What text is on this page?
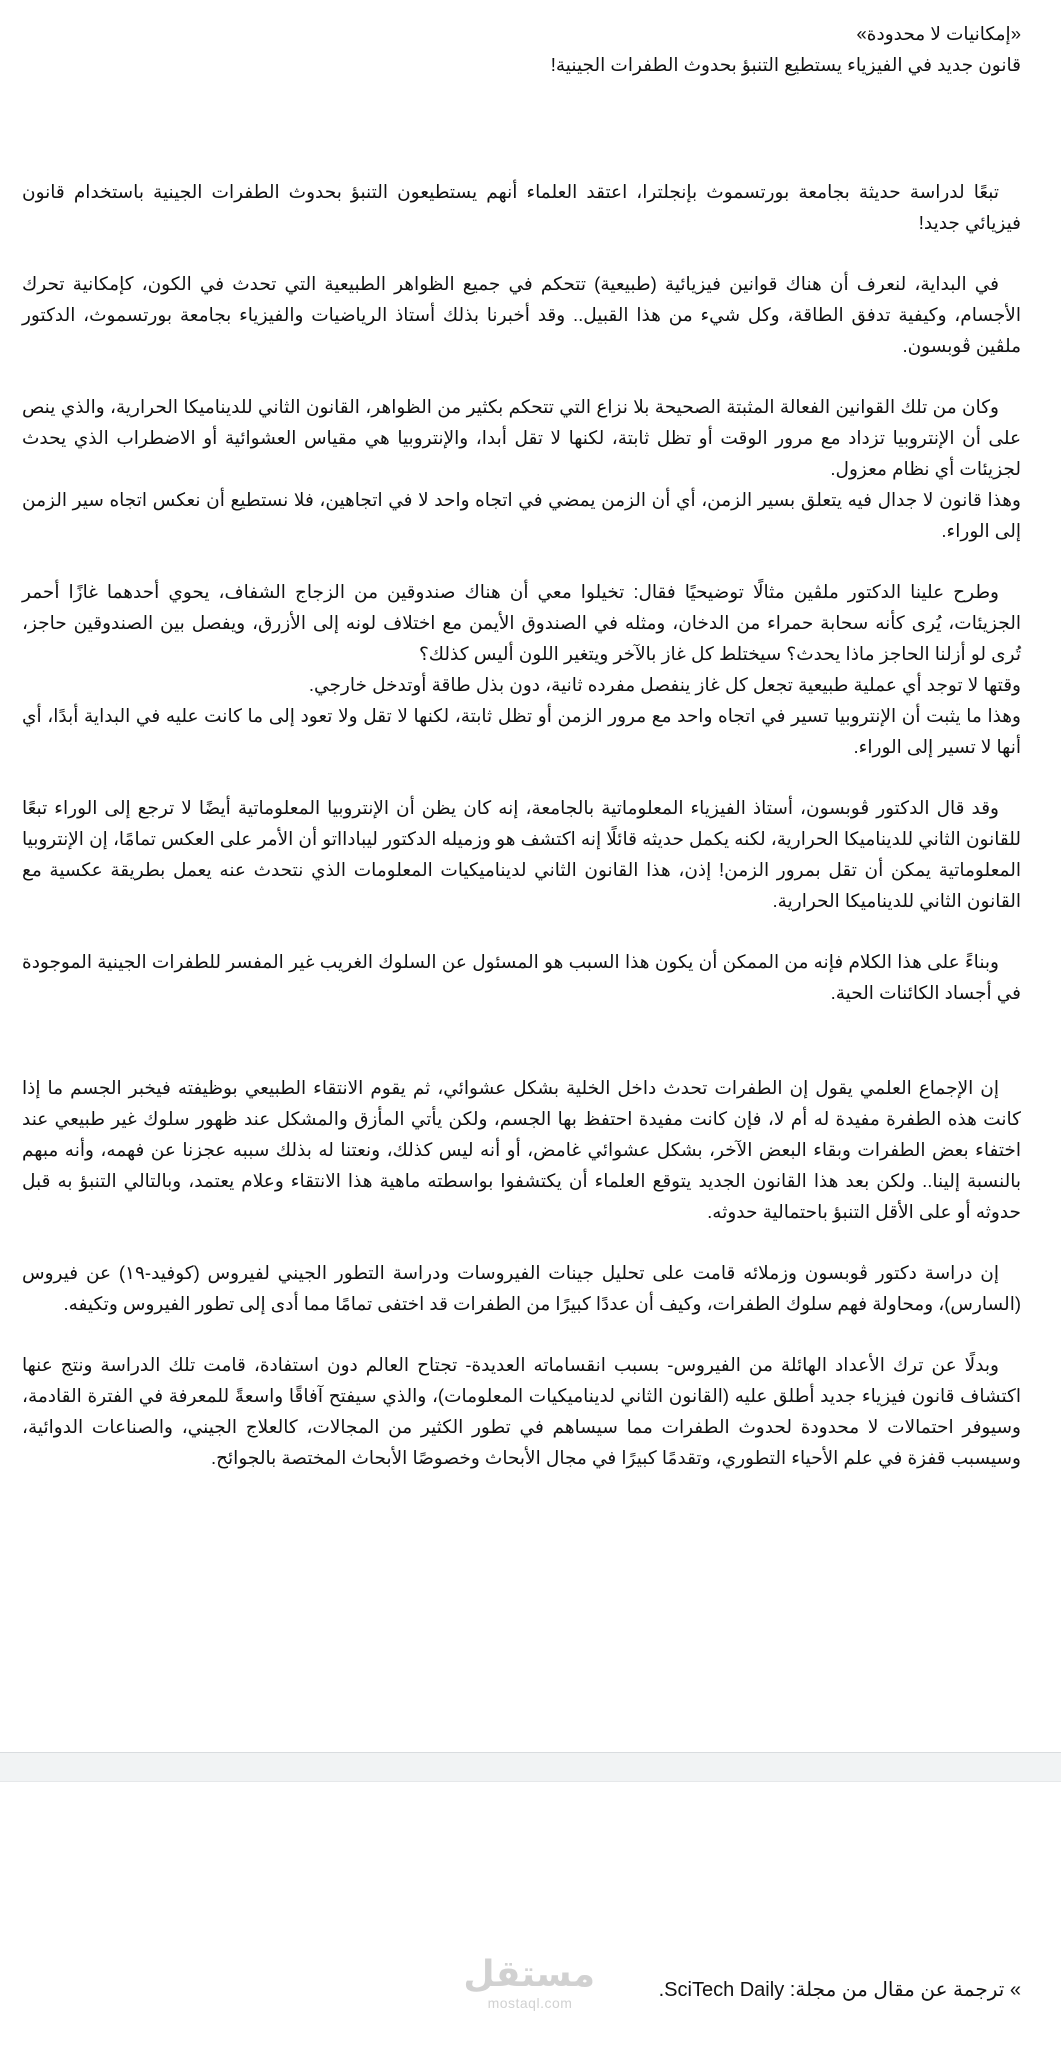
«إمكانيات لا محدودة»
قانون جديد في الفيزياء يستطيع التنبؤ بحدوث الطفرات الجينية!

تبعًا لدراسة حديثة بجامعة بورتسموث بإنجلترا، اعتقد العلماء أنهم يستطيعون التنبؤ بحدوث الطفرات الجينية باستخدام قانون فيزيائي جديد!

في البداية، لنعرف أن هناك قوانين فيزيائية (طبيعية) تتحكم في جميع الظواهر الطبيعية التي تحدث في الكون، كإمكانية تحرك الأجسام، وكيفية تدفق الطاقة، وكل شيء من هذا القبيل.. وقد أخبرنا بذلك أستاذ الرياضيات والفيزياء بجامعة بورتسموث، الدكتور ملڤين ڤوبسون.

وكان من تلك القوانين الفعالة المثبتة الصحيحة بلا نزاع التي تتحكم بكثير من الظواهر، القانون الثاني للديناميكا الحرارية، والذي ينص على أن الإنتروبيا تزداد مع مرور الوقت أو تظل ثابتة، لكنها لا تقل أبدا، والإنتروبيا هي مقياس العشوائية أو الاضطراب الذي يحدث لجزيئات أي نظام معزول.
وهذا قانون لا جدال فيه يتعلق بسير الزمن، أي أن الزمن يمضي في اتجاه واحد لا في اتجاهين، فلا نستطيع أن نعكس اتجاه سير الزمن إلى الوراء.

وطرح علينا الدكتور ملڤين مثالًا توضيحيًا فقال: تخيلوا معي أن هناك صندوقين من الزجاج الشفاف، يحوي أحدهما غازًا أحمر الجزيئات، يُرى كأنه سحابة حمراء من الدخان، ومثله في الصندوق الأيمن مع اختلاف لونه إلى الأزرق، ويفصل بين الصندوقين حاجز، تُرى لو أزلنا الحاجز ماذا يحدث؟ سيختلط كل غاز بالآخر ويتغير اللون أليس كذلك؟
وقتها لا توجد أي عملية طبيعية تجعل كل غاز ينفصل مفرده ثانية، دون بذل طاقة أوتدخل خارجي.
وهذا ما يثبت أن الإنتروبيا تسير في اتجاه واحد مع مرور الزمن أو تظل ثابتة، لكنها لا تقل ولا تعود إلى ما كانت عليه في البداية أبدًا، أي أنها لا تسير إلى الوراء.

وقد قال الدكتور ڤوبسون، أستاذ الفيزياء المعلوماتية بالجامعة، إنه كان يظن أن الإنتروبيا المعلوماتية أيضًا لا ترجع إلى الوراء تبعًا للقانون الثاني للديناميكا الحرارية، لكنه يكمل حديثه قائلًا إنه اكتشف هو وزميله الدكتور ليبادااتو أن الأمر على العكس تمامًا، إن الإنتروبيا المعلوماتية يمكن أن تقل بمرور الزمن! إذن، هذا القانون الثاني لديناميكيات المعلومات الذي نتحدث عنه يعمل بطريقة عكسية مع القانون الثاني للديناميكا الحرارية.

وبناءً على هذا الكلام فإنه من الممكن أن يكون هذا السبب هو المسئول عن السلوك الغريب غير المفسر للطفرات الجينية الموجودة في أجساد الكائنات الحية.

إن الإجماع العلمي يقول إن الطفرات تحدث داخل الخلية بشكل عشوائي، ثم يقوم الانتقاء الطبيعي بوظيفته فيخبر الجسم ما إذا كانت هذه الطفرة مفيدة له أم لا، فإن كانت مفيدة احتفظ بها الجسم، ولكن يأتي المأزق والمشكل عند ظهور سلوك غير طبيعي عند اختفاء بعض الطفرات وبقاء البعض الآخر، بشكل عشوائي غامض، أو أنه ليس كذلك، ونعتنا له بذلك سببه عجزنا عن فهمه، وأنه مبهم بالنسبة إلينا.. ولكن بعد هذا القانون الجديد يتوقع العلماء أن يكتشفوا بواسطته ماهية هذا الانتقاء وعلام يعتمد، وبالتالي التنبؤ به قبل حدوثه أو على الأقل التنبؤ باحتمالية حدوثه.

إن دراسة دكتور ڤوبسون وزملائه قامت على تحليل جينات الفيروسات ودراسة التطور الجيني لفيروس (كوفيد-١٩) عن فيروس (السارس)، ومحاولة فهم سلوك الطفرات، وكيف أن عددًا كبيرًا من الطفرات قد اختفى تمامًا مما أدى إلى تطور الفيروس وتكيفه.

وبدلًا عن ترك الأعداد الهائلة من الفيروس- بسبب انقساماته العديدة- تجتاح العالم دون استفادة، قامت تلك الدراسة ونتج عنها اكتشاف قانون فيزياء جديد أطلق عليه (القانون الثاني لديناميكيات المعلومات)، والذي سيفتح آفاقًا واسعةً للمعرفة في الفترة القادمة، وسيوفر احتمالات لا محدودة لحدوث الطفرات مما سيساهم في تطور الكثير من المجالات، كالعلاج الجيني، والصناعات الدوائية، وسيسبب قفزة في علم الأحياء التطوري، وتقدمًا كبيرًا في مجال الأبحاث وخصوصًا الأبحاث المختصة بالجوائح.

مستقل
mostaql.com
» ترجمة عن مقال من مجلة: SciTech Daily.
